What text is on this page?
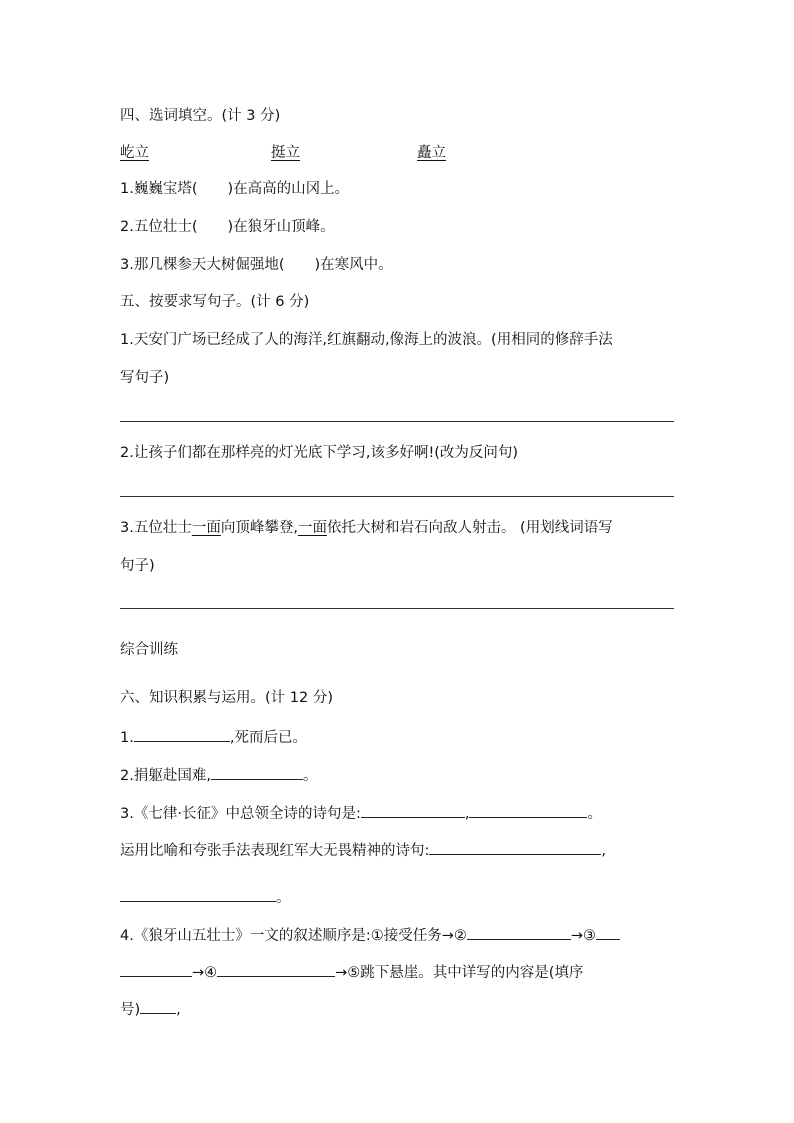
四、选词填空。(计 3 分)
屹立	挺立	矗立
1.巍巍宝塔( )在高高的山冈上。
2.五位壮士( )在狼牙山顶峰。
3.那几棵参天大树倔强地( )在寒风中。
五、按要求写句子。(计 6 分)
1.天安门广场已经成了人的海洋,红旗翻动,像海上的波浪。(用相同的修辞手法
写句子)
2.让孩子们都在那样亮的灯光底下学习,该多好啊!(改为反问句)
3.五位壮士一面向顶峰攀登,一面依托大树和岩石向敌人射击。 (用划线词语写
句子)
综合训练
六、知识积累与运用。(计 12 分)
1.	,死而后已。
2.捐躯赴国难,	。
3.《七律·长征》中总领全诗的诗句是:	,	。
运用比喻和夸张手法表现红军大无畏精神的诗句:	,
。
4.《狼牙山五壮士》一文的叙述顺序是:①接受任务→②	→③
→④	→⑤跳下悬崖。其中详写的内容是(填序
号) ,
